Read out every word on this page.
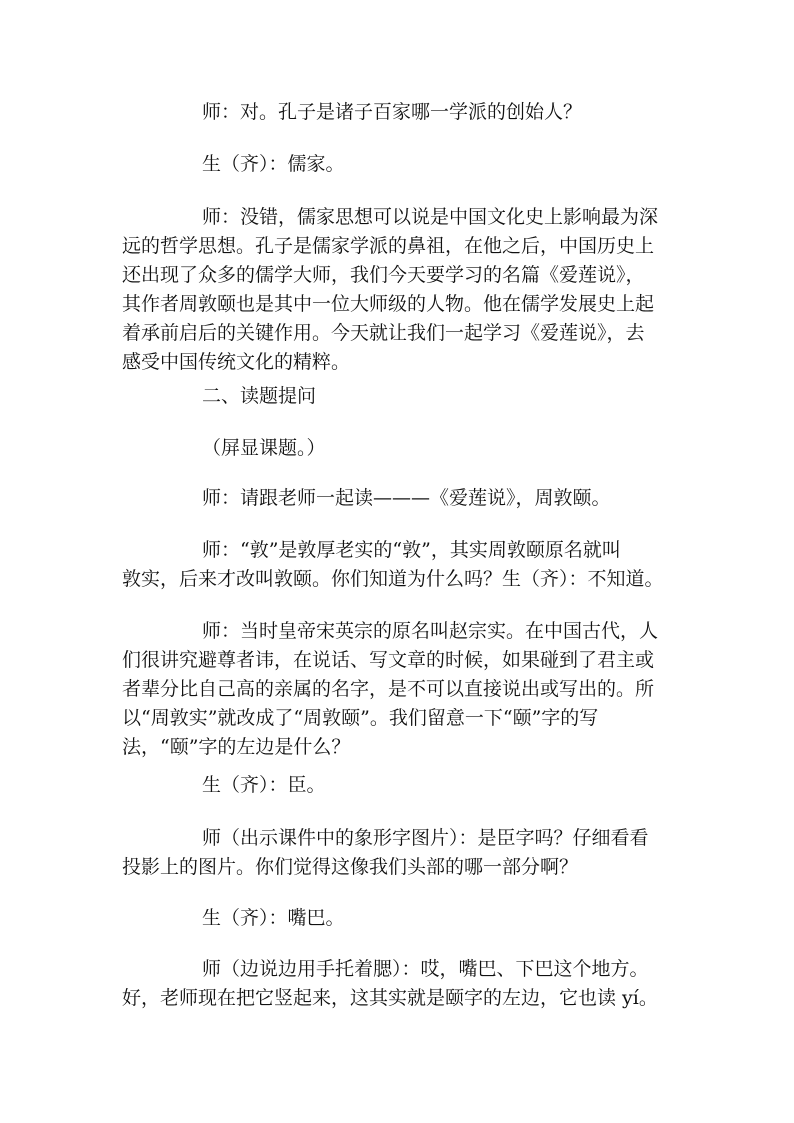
师：对。孔子是诸子百家哪一学派的创始人？

生（齐）：儒家。

师：没错，儒家思想可以说是中国文化史上影响最为深
远的哲学思想。孔子是儒家学派的鼻祖，在他之后，中国历史上
还出现了众多的儒学大师，我们今天要学习的名篇《爱莲说》，
其作者周敦颐也是其中一位大师级的人物。他在儒学发展史上起
着承前启后的关键作用。今天就让我们一起学习《爱莲说》，去
感受中国传统文化的精粹。

二、读题提问

（屏显课题。）

师：请跟老师一起读———《爱莲说》，周敦颐。

师：“敦”是敦厚老实的“敦”，其实周敦颐原名就叫
敦实，后来才改叫敦颐。你们知道为什么吗？生（齐）：不知道。
师：当时皇帝宋英宗的原名叫赵宗实。在中国古代，人
们很讲究避尊者讳，在说话、写文章的时候，如果碰到了君主或
者辈分比自己高的亲属的名字，是不可以直接说出或写出的。所
以“周敦实”就改成了“周敦颐”。我们留意一下“颐”字的写
法，“颐”字的左边是什么？

生（齐）：臣。

师（出示课件中的象形字图片）：是臣字吗？仔细看看
投影上的图片。你们觉得这像我们头部的哪一部分啊？

生（齐）：嘴巴。

师（边说边用手托着腮）：哎，嘴巴、下巴这个地方。
好，老师现在把它竖起来，这其实就是颐字的左边，它也读 yí。
